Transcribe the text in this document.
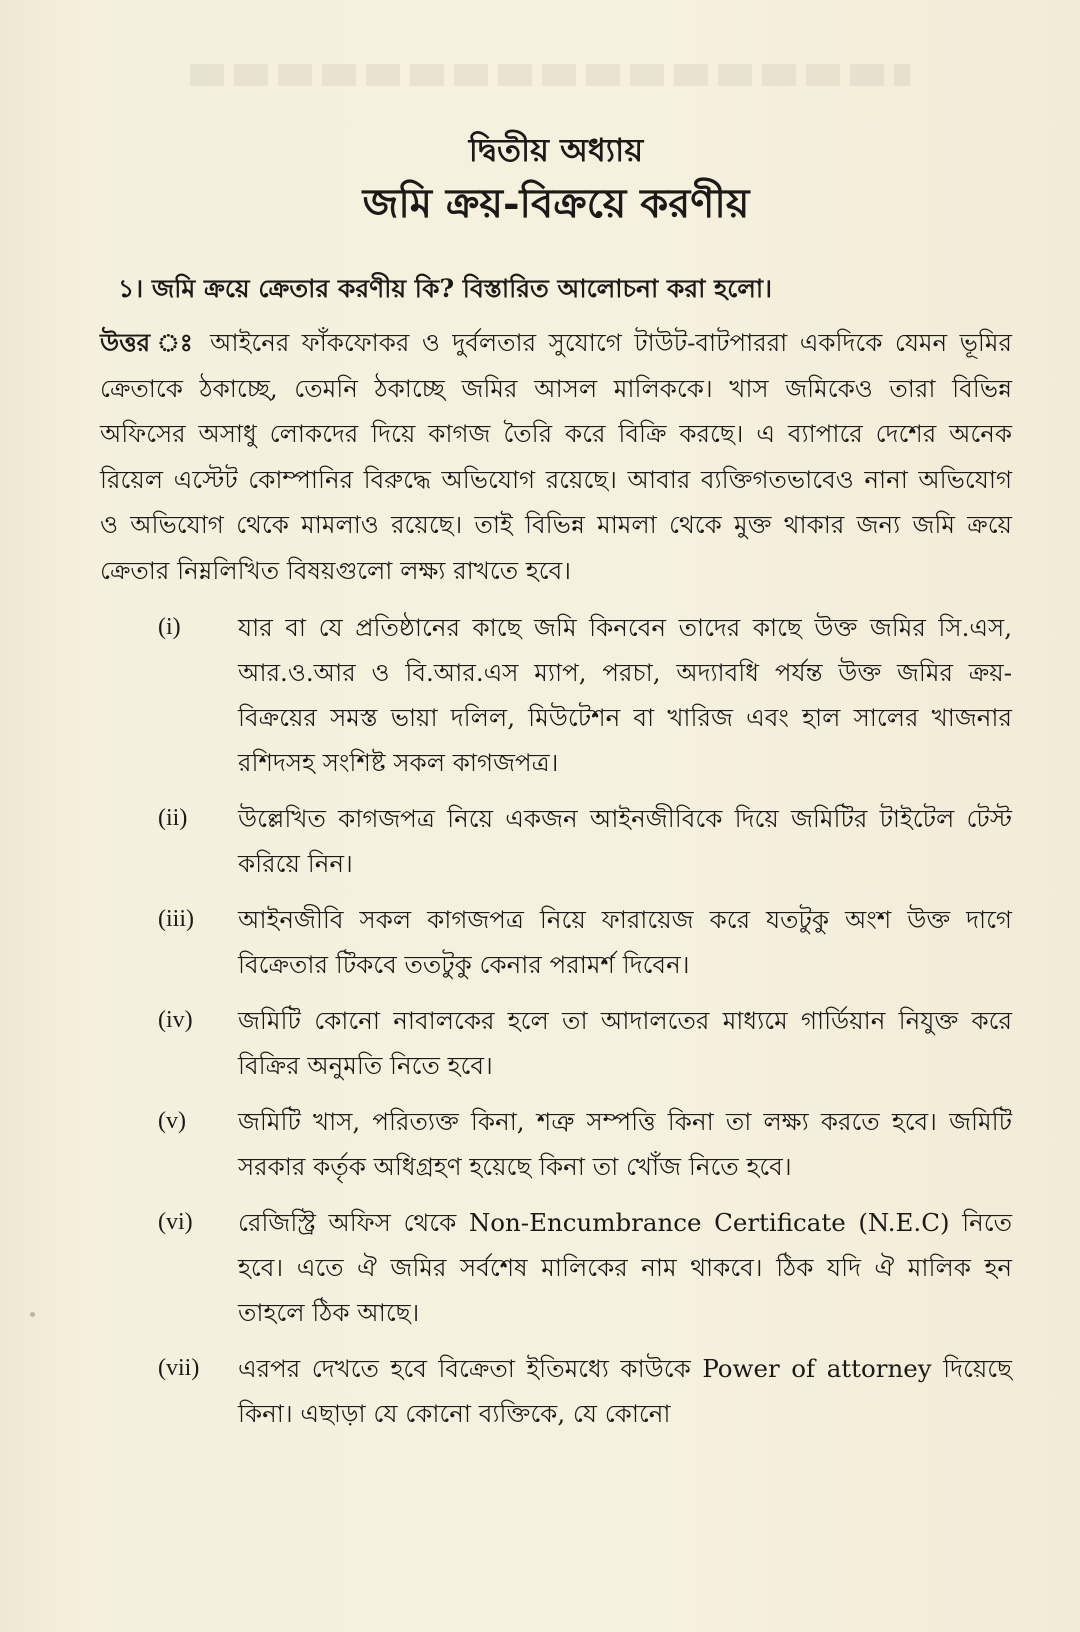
দ্বিতীয় অধ্যায়
জমি ক্রয়-বিক্রয়ে করণীয়
১। জমি ক্রয়ে ক্রেতার করণীয় কি? বিস্তারিত আলোচনা করা হলো।

উত্তর ঃ আইনের ফাঁকফোকর ও দুর্বলতার সুযোগে টাউট-বাটপাররা একদিকে যেমন ভূমির ক্রেতাকে ঠকাচ্ছে, তেমনি ঠকাচ্ছে জমির আসল মালিককে। খাস জমিকেও তারা বিভিন্ন অফিসের অসাধু লোকদের দিয়ে কাগজ তৈরি করে বিক্রি করছে। এ ব্যাপারে দেশের অনেক রিয়েল এস্টেট কোম্পানির বিরুদ্ধে অভিযোগ রয়েছে। আবার ব্যক্তিগতভাবেও নানা অভিযোগ ও অভিযোগ থেকে মামলাও রয়েছে। তাই বিভিন্ন মামলা থেকে মুক্ত থাকার জন্য জমি ক্রয়ে ক্রেতার নিম্নলিখিত বিষয়গুলো লক্ষ্য রাখতে হবে।

(i)	যার বা যে প্রতিষ্ঠানের কাছে জমি কিনবেন তাদের কাছে উক্ত জমির সি.এস, আর.ও.আর ও বি.আর.এস ম্যাপ, পরচা, অদ্যাবধি পর্যন্ত উক্ত জমির ক্রয়-বিক্রয়ের সমস্ত ভায়া দলিল, মিউটেশন বা খারিজ এবং হাল সালের খাজনার রশিদসহ সংশিষ্ট সকল কাগজপত্র।
(ii)	উল্লেখিত কাগজপত্র নিয়ে একজন আইনজীবিকে দিয়ে জমিটির টাইটেল টেস্ট করিয়ে নিন।
(iii)	আইনজীবি সকল কাগজপত্র নিয়ে ফারায়েজ করে যতটুকু অংশ উক্ত দাগে বিক্রেতার টিকবে ততটুকু কেনার পরামর্শ দিবেন।
(iv)	জমিটি কোনো নাবালকের হলে তা আদালতের মাধ্যমে গার্ডিয়ান নিযুক্ত করে বিক্রির অনুমতি নিতে হবে।
(v)	জমিটি খাস, পরিত্যক্ত কিনা, শত্রু সম্পত্তি কিনা তা লক্ষ্য করতে হবে। জমিটি সরকার কর্তৃক অধিগ্রহণ হয়েছে কিনা তা খোঁজ নিতে হবে।
(vi)	রেজিস্ট্রি অফিস থেকে Non-Encumbrance Certificate (N.E.C) নিতে হবে। এতে ঐ জমির সর্বশেষ মালিকের নাম থাকবে। ঠিক যদি ঐ মালিক হন তাহলে ঠিক আছে।
(vii)	এরপর দেখতে হবে বিক্রেতা ইতিমধ্যে কাউকে Power of attorney দিয়েছে কিনা। এছাড়া যে কোনো ব্যক্তিকে, যে কোনো
